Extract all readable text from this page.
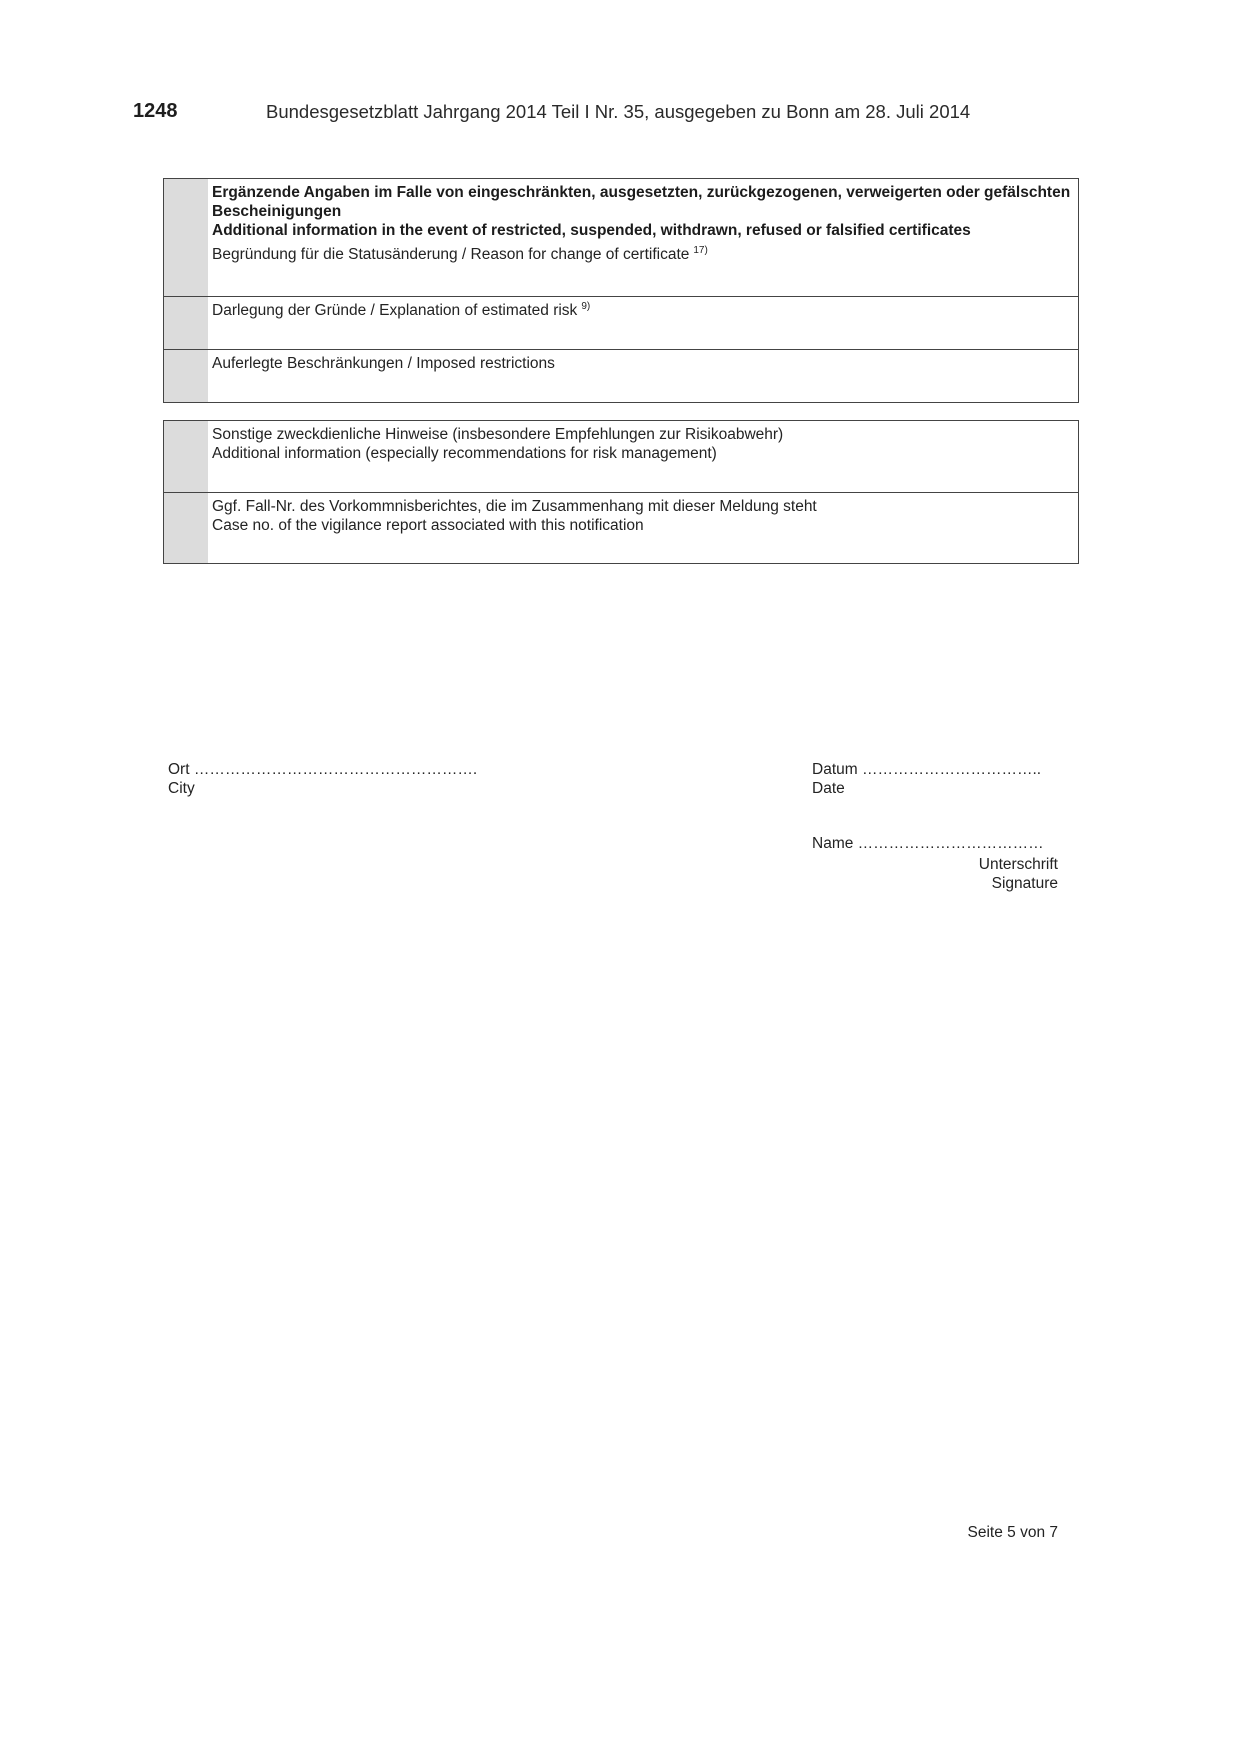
1248	Bundesgesetzblatt Jahrgang 2014 Teil I Nr. 35, ausgegeben zu Bonn am 28. Juli 2014
Ergänzende Angaben im Falle von eingeschränkten, ausgesetzten, zurückgezogenen, verweigerten oder gefälschten Bescheinigungen
Additional information in the event of restricted, suspended, withdrawn, refused or falsified certificates
Begründung für die Statusänderung / Reason for change of certificate $^{17)}$
Darlegung der Gründe / Explanation of estimated risk $^{9)}$
Auferlegte Beschränkungen / Imposed restrictions
Sonstige zweckdienliche Hinweise (insbesondere Empfehlungen zur Risikoabwehr)
Additional information (especially recommendations for risk management)
Ggf. Fall-Nr. des Vorkommnisberichtes, die im Zusammenhang mit dieser Meldung steht
Case no. of the vigilance report associated with this notification
Ort ……………………………………………….
City
Datum ……………………………..
Date
Name ………………………………
Unterschrift
Signature
Seite 5 von 7
